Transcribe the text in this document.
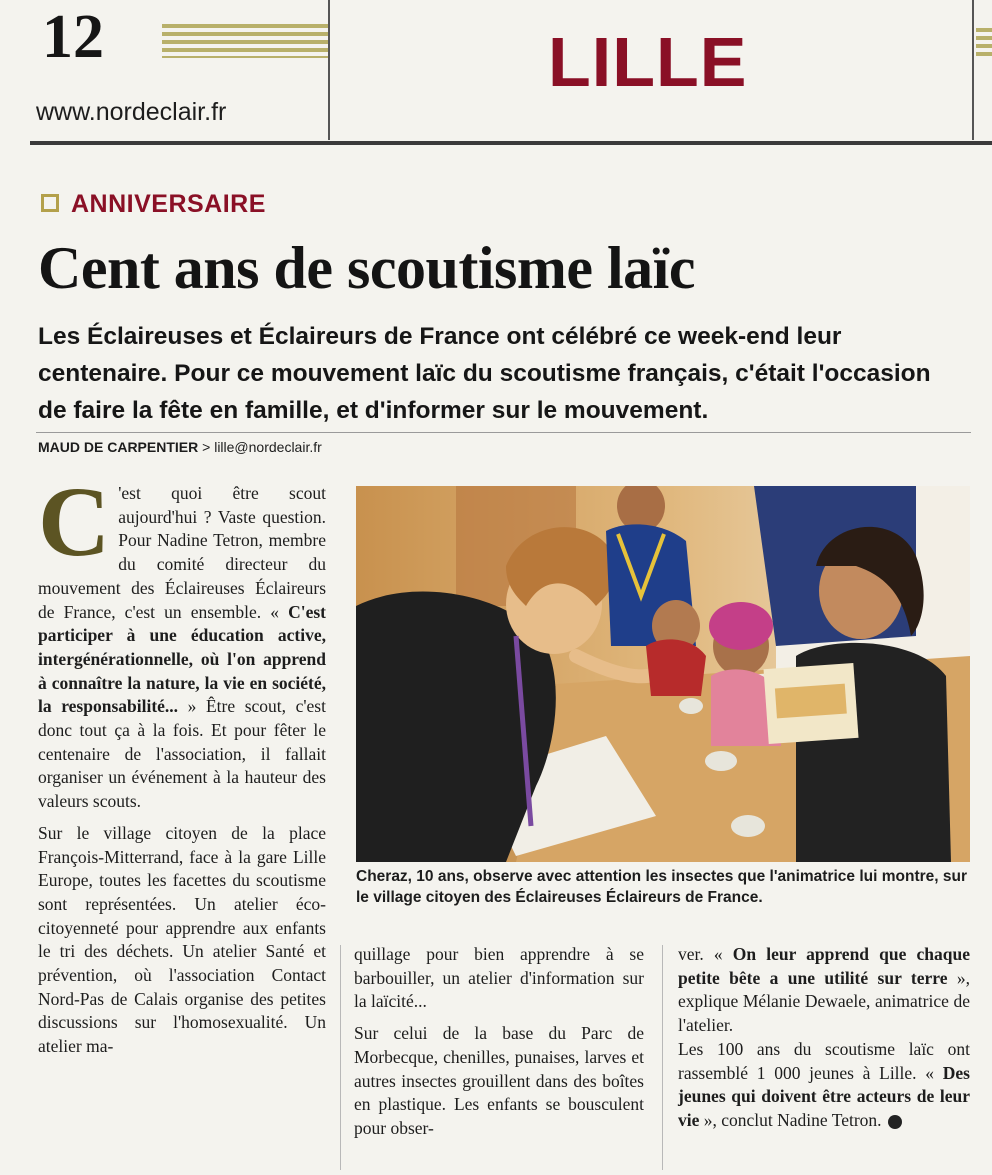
12
www.nordeclair.fr
LILLE
ANNIVERSAIRE
Cent ans de scoutisme laïc
Les Éclaireuses et Éclaireurs de France ont célébré ce week-end leur centenaire. Pour ce mouvement laïc du scoutisme français, c'était l'occasion de faire la fête en famille, et d'informer sur le mouvement.
MAUD DE CARPENTIER > lille@nordeclair.fr

C 'est quoi être scout aujourd'hui ? Vaste question. Pour Nadine Tetron, membre du comité directeur du mouvement des Éclaireuses Éclaireurs de France, c'est un ensemble. « C'est participer à une éducation active, intergénérationnelle, où l'on apprend à connaître la nature, la vie en société, la responsabilité... » Être scout, c'est donc tout ça à la fois. Et pour fêter le centenaire de l'association, il fallait organiser un événement à la hauteur des valeurs scouts.

Sur le village citoyen de la place François-Mitterrand, face à la gare Lille Europe, toutes les facettes du scoutisme sont représentées. Un atelier éco-citoyenneté pour apprendre aux enfants le tri des déchets. Un atelier Santé et prévention, où l'association Contact Nord-Pas de Calais organise des petites discussions sur l'homosexualité. Un atelier ma-

Cheraz, 10 ans, observe avec attention les insectes que l'animatrice lui montre, sur le village citoyen des Éclaireuses Éclaireurs de France.

quillage pour bien apprendre à se barbouiller, un atelier d'information sur la laïcité...

Sur celui de la base du Parc de Morbecque, chenilles, punaises, larves et autres insectes grouillent dans des boîtes en plastique. Les enfants se bousculent pour obser-

ver. « On leur apprend que chaque petite bête a une utilité sur terre », explique Mélanie Dewaele, animatrice de l'atelier.

Les 100 ans du scoutisme laïc ont rassemblé 1 000 jeunes à Lille. « Des jeunes qui doivent être acteurs de leur vie », conclut Nadine Tetron.
